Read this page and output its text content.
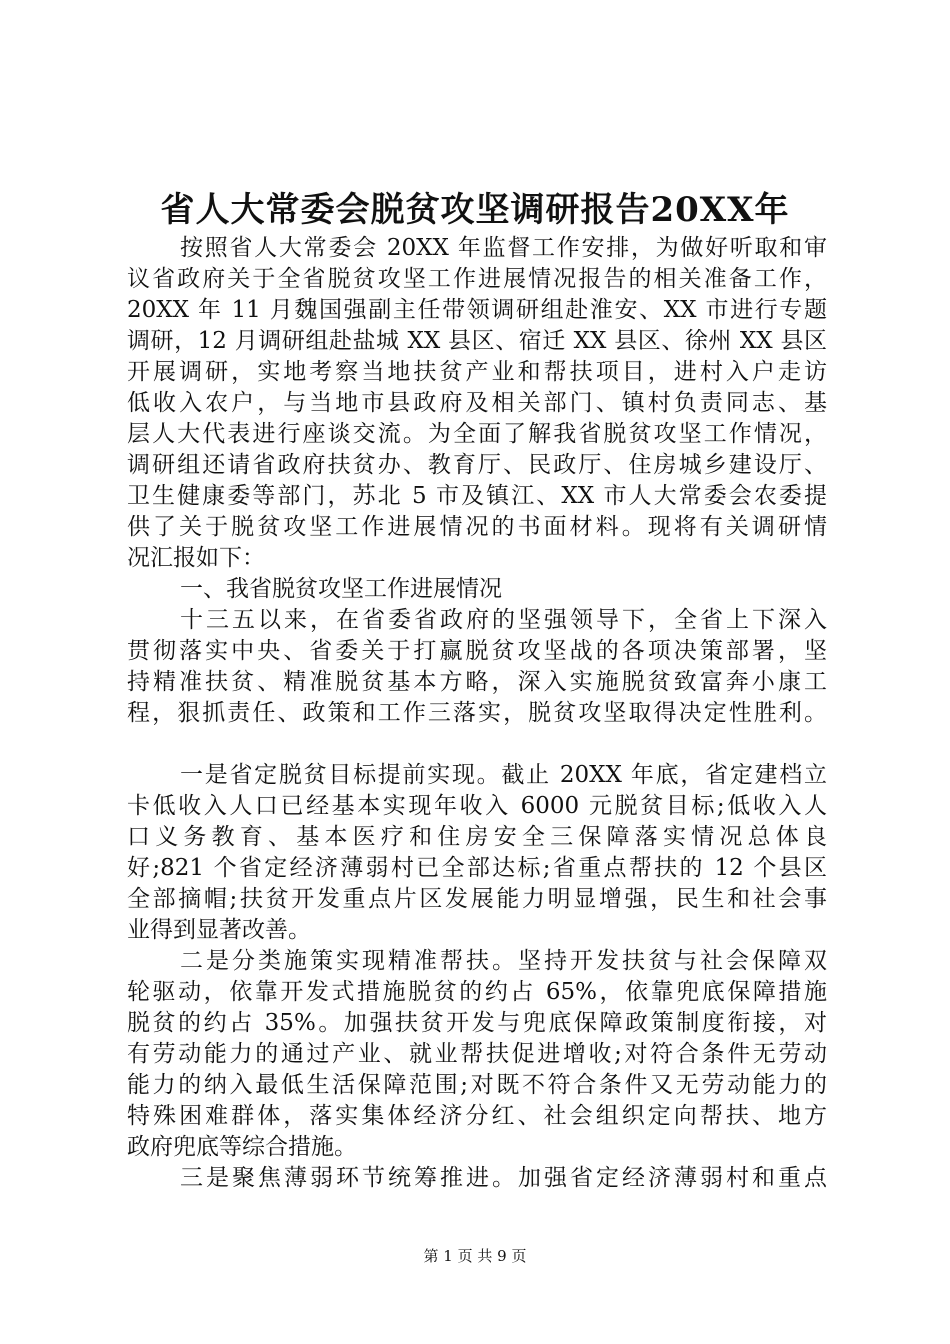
省人大常委会脱贫攻坚调研报告20XX年
按照省人大常委会 20XX 年监督工作安排，为做好听取和审
议省政府关于全省脱贫攻坚工作进展情况报告的相关准备工作，
20XX 年 11 月魏国强副主任带领调研组赴淮安、XX 市进行专题
调研，12 月调研组赴盐城 XX 县区、宿迁 XX 县区、徐州 XX 县区
开展调研，实地考察当地扶贫产业和帮扶项目，进村入户走访
低收入农户，与当地市县政府及相关部门、镇村负责同志、基
层人大代表进行座谈交流。为全面了解我省脱贫攻坚工作情况，
调研组还请省政府扶贫办、教育厅、民政厅、住房城乡建设厅、
卫生健康委等部门，苏北 5 市及镇江、XX 市人大常委会农委提
供了关于脱贫攻坚工作进展情况的书面材料。现将有关调研情
况汇报如下：
一、我省脱贫攻坚工作进展情况
十三五以来，在省委省政府的坚强领导下，全省上下深入
贯彻落实中央、省委关于打赢脱贫攻坚战的各项决策部署，坚
持精准扶贫、精准脱贫基本方略，深入实施脱贫致富奔小康工
程，狠抓责任、政策和工作三落实，脱贫攻坚取得决定性胜利。
一是省定脱贫目标提前实现。截止 20XX 年底，省定建档立
卡低收入人口已经基本实现年收入 6000 元脱贫目标;低收入人
口义务教育、基本医疗和住房安全三保障落实情况总体良
好;821 个省定经济薄弱村已全部达标;省重点帮扶的 12 个县区
全部摘帽;扶贫开发重点片区发展能力明显增强，民生和社会事
业得到显著改善。
二是分类施策实现精准帮扶。坚持开发扶贫与社会保障双
轮驱动，依靠开发式措施脱贫的约占 65%，依靠兜底保障措施
脱贫的约占 35%。加强扶贫开发与兜底保障政策制度衔接，对
有劳动能力的通过产业、就业帮扶促进增收;对符合条件无劳动
能力的纳入最低生活保障范围;对既不符合条件又无劳动能力的
特殊困难群体，落实集体经济分红、社会组织定向帮扶、地方
政府兜底等综合措施。
三是聚焦薄弱环节统筹推进。加强省定经济薄弱村和重点
第 1 页 共 9 页
